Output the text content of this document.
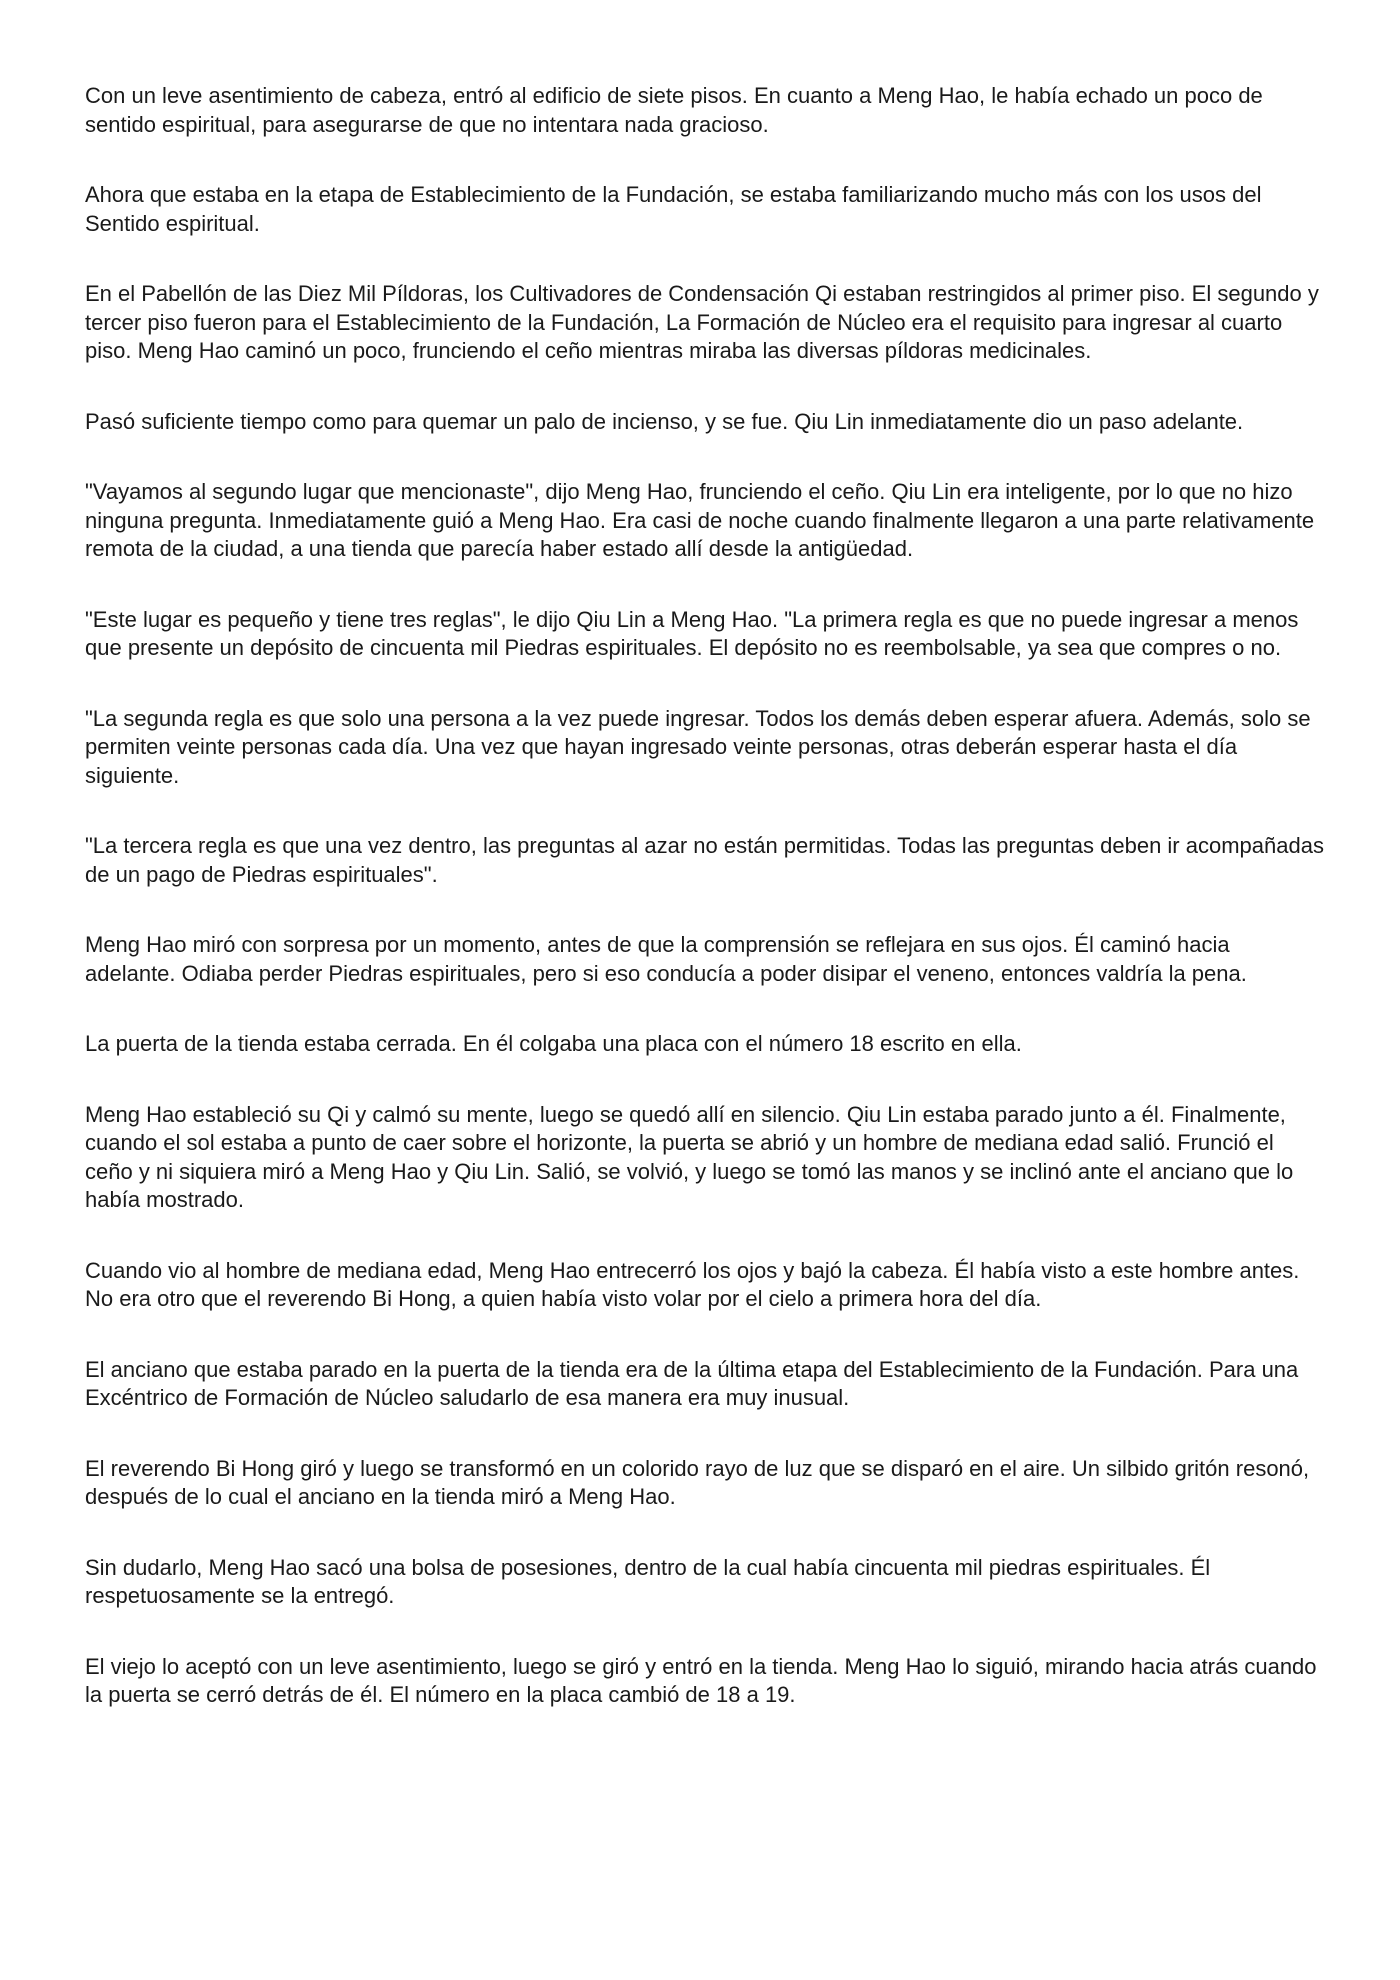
Con un leve asentimiento de cabeza, entró al edificio de siete pisos. En cuanto a Meng Hao, le había echado un poco de sentido espiritual, para asegurarse de que no intentara nada gracioso.

Ahora que estaba en la etapa de Establecimiento de la Fundación, se estaba familiarizando mucho más con los usos del Sentido espiritual.

En el Pabellón de las Diez Mil Píldoras, los Cultivadores de Condensación Qi estaban restringidos al primer piso. El segundo y tercer piso fueron para el Establecimiento de la Fundación, La Formación de Núcleo era el requisito para ingresar al cuarto piso. Meng Hao caminó un poco, frunciendo el ceño mientras miraba las diversas píldoras medicinales.

Pasó suficiente tiempo como para quemar un palo de incienso, y se fue. Qiu Lin inmediatamente dio un paso adelante.

"Vayamos al segundo lugar que mencionaste", dijo Meng Hao, frunciendo el ceño. Qiu Lin era inteligente, por lo que no hizo ninguna pregunta. Inmediatamente guió a Meng Hao. Era casi de noche cuando finalmente llegaron a una parte relativamente remota de la ciudad, a una tienda que parecía haber estado allí desde la antigüedad.

"Este lugar es pequeño y tiene tres reglas", le dijo Qiu Lin a Meng Hao. "La primera regla es que no puede ingresar a menos que presente un depósito de cincuenta mil Piedras espirituales. El depósito no es reembolsable, ya sea que compres o no.

"La segunda regla es que solo una persona a la vez puede ingresar. Todos los demás deben esperar afuera. Además, solo se permiten veinte personas cada día. Una vez que hayan ingresado veinte personas, otras deberán esperar hasta el día siguiente.

"La tercera regla es que una vez dentro, las preguntas al azar no están permitidas. Todas las preguntas deben ir acompañadas de un pago de Piedras espirituales".

Meng Hao miró con sorpresa por un momento, antes de que la comprensión se reflejara en sus ojos. Él caminó hacia adelante. Odiaba perder Piedras espirituales, pero si eso conducía a poder disipar el veneno, entonces valdría la pena.

La puerta de la tienda estaba cerrada. En él colgaba una placa con el número 18 escrito en ella.

Meng Hao estableció su Qi y calmó su mente, luego se quedó allí en silencio. Qiu Lin estaba parado junto a él. Finalmente, cuando el sol estaba a punto de caer sobre el horizonte, la puerta se abrió y un hombre de mediana edad salió. Frunció el ceño y ni siquiera miró a Meng Hao y Qiu Lin. Salió, se volvió, y luego se tomó las manos y se inclinó ante el anciano que lo había mostrado.

Cuando vio al hombre de mediana edad, Meng Hao entrecerró los ojos y bajó la cabeza. Él había visto a este hombre antes. No era otro que el reverendo Bi Hong, a quien había visto volar por el cielo a primera hora del día.

El anciano que estaba parado en la puerta de la tienda era de la última etapa del Establecimiento de la Fundación. Para una Excéntrico de Formación de Núcleo saludarlo de esa manera era muy inusual.

El reverendo Bi Hong giró y luego se transformó en un colorido rayo de luz que se disparó en el aire. Un silbido gritón resonó, después de lo cual el anciano en la tienda miró a Meng Hao.

Sin dudarlo, Meng Hao sacó una bolsa de posesiones, dentro de la cual había cincuenta mil piedras espirituales. Él respetuosamente se la entregó.

El viejo lo aceptó con un leve asentimiento, luego se giró y entró en la tienda. Meng Hao lo siguió, mirando hacia atrás cuando la puerta se cerró detrás de él. El número en la placa cambió de 18 a 19.
